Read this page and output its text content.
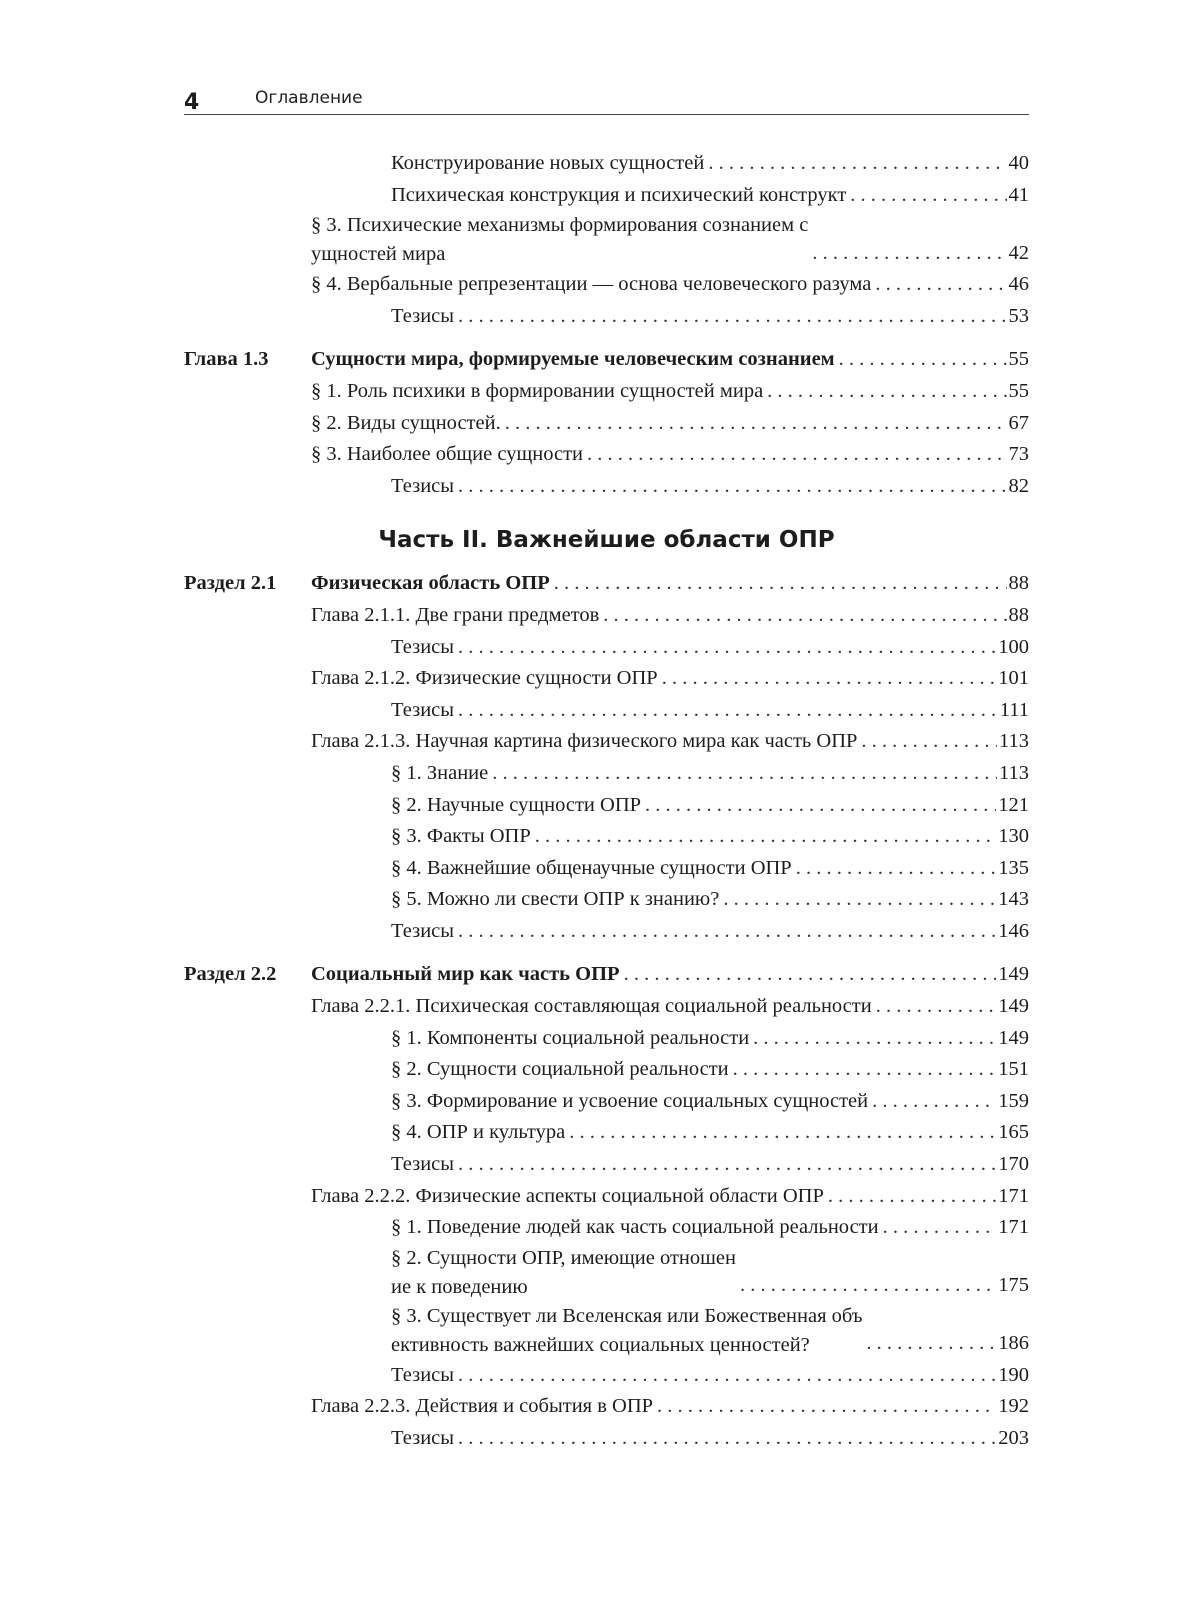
4	Оглавление
Конструирование новых сущностей . . .	40
Психическая конструкция и психический конструкт . . .	41
§ 3. Психические механизмы формирования сознанием с
ущностей мира . . .	42
§ 4. Вербальные репрезентации — основа человеческого разума . . .	46
Тезисы . . .	53
Глава 1.3	Сущности мира, формируемые человеческим сознанием . . .	55
§ 1. Роль психики в формировании сущностей мира . . .	55
§ 2. Виды сущностей. . . .	67
§ 3. Наиболее общие сущности . . .	73
Тезисы . . .	82
Часть II. Важнейшие области ОПР
Раздел 2.1	Физическая область ОПР . . .	88
Глава 2.1.1. Две грани предметов . . .	88
Тезисы . . .	100
Глава 2.1.2. Физические сущности ОПР . . .	101
Тезисы . . .	111
Глава 2.1.3. Научная картина физического мира как часть ОПР . . .	113
§ 1. Знание . . .	113
§ 2. Научные сущности ОПР . . .	121
§ 3. Факты ОПР . . .	130
§ 4. Важнейшие общенаучные сущности ОПР . . .	135
§ 5. Можно ли свести ОПР к знанию? . . .	143
Тезисы . . .	146
Раздел 2.2	Социальный мир как часть ОПР . . .	149
Глава 2.2.1. Психическая составляющая социальной реальности . . .	149
§ 1. Компоненты социальной реальности . . .	149
§ 2. Сущности социальной реальности . . .	151
§ 3. Формирование и усвоение социальных сущностей . . .	159
§ 4. ОПР и культура . . .	165
Тезисы . . .	170
Глава 2.2.2. Физические аспекты социальной области ОПР . . .	171
§ 1. Поведение людей как часть социальной реальности . . .	171
§ 2. Сущности ОПР, имеющие отношен
ие к поведению . . .	175
§ 3. Существует ли Вселенская или Божественная объ
ективность важнейших социальных ценностей? . . .	186
Тезисы . . .	190
Глава 2.2.3. Действия и события в ОПР . . .	192
Тезисы . . .	203
